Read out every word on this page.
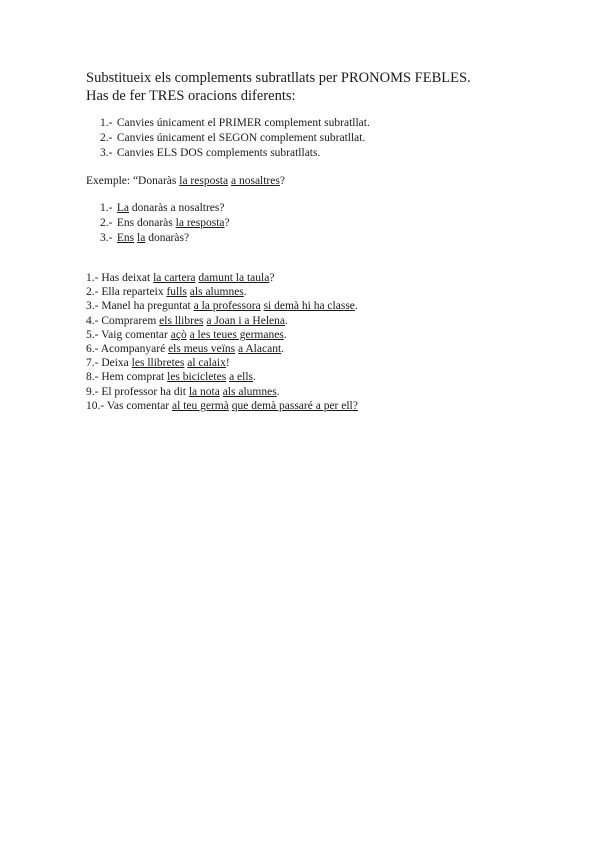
Substitueix els complements subratllats per PRONOMS FEBLES.
Has de fer TRES oracions diferents:
1.-
Canvies únicament el PRIMER complement subratllat.
2.-
Canvies únicament el SEGON complement subratllat.
3.-
Canvies ELS DOS complements subratllats.
Exemple: “Donaràs la resposta a nosaltres?
1.-
La donaràs a nosaltres?
2.-
Ens donaràs la resposta?
3.-
Ens la donaràs?
1.- Has deixat la cartera damunt la taula?
2.- Ella reparteix fulls als alumnes.
3.- Manel ha preguntat a la professora si demà hi ha classe.
4.- Comprarem els llibres a Joan i a Helena.
5.- Vaig comentar açò a les teues germanes.
6.- Acompanyaré els meus veïns a Alacant.
7.- Deixa les llibretes al calaix!
8.- Hem comprat les bicicletes a ells.
9.- El professor ha dit la nota als alumnes.
10.- Vas comentar al teu germà que demà passaré a per ell?
